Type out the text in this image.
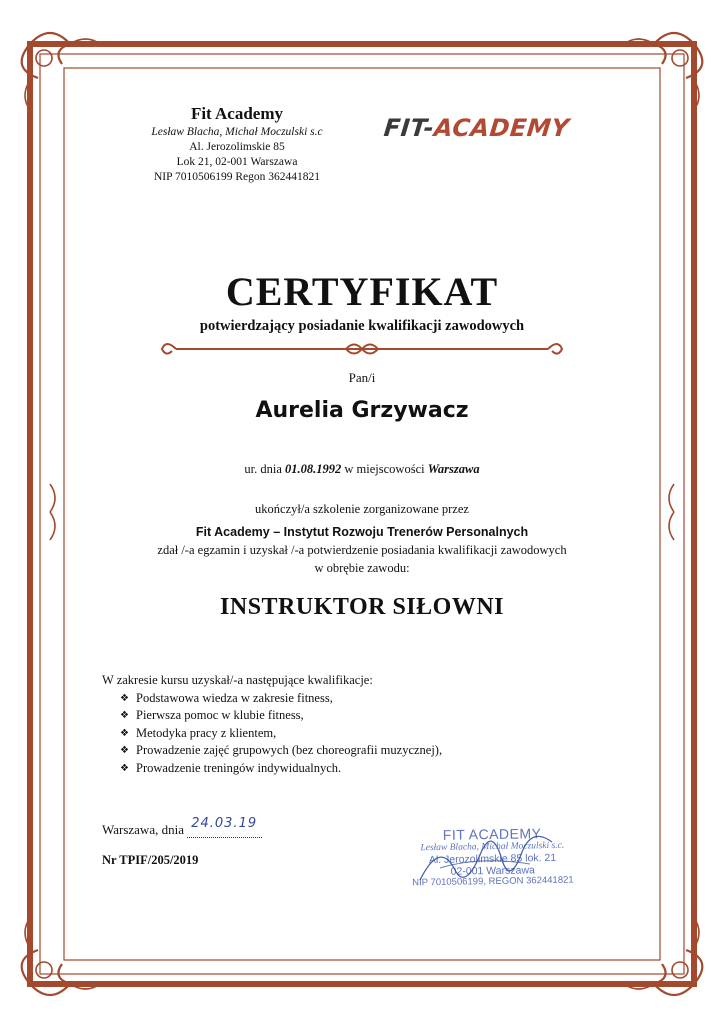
Fit Academy
Lesław Blacha, Michał Moczulski s.c
Al. Jerozolimskie 85
Lok 21, 02-001 Warszawa
NIP 7010506199 Regon 362441821
FIT-ACADEMY
CERTYFIKAT
potwierdzający posiadanie kwalifikacji zawodowych
Pan/i
Aurelia Grzywacz
ur. dnia 01.08.1992 w miejscowości Warszawa
ukończył/a szkolenie zorganizowane przez
Fit Academy – Instytut Rozwoju Trenerów Personalnych
zdał /-a egzamin i uzyskał /-a potwierdzenie posiadania kwalifikacji zawodowych
w obrębie zawodu:
INSTRUKTOR SIŁOWNI
W zakresie kursu uzyskał/-a następujące kwalifikacje:
❖ Podstawowa wiedza w zakresie fitness,
❖ Pierwsza pomoc w klubie fitness,
❖ Metodyka pracy z klientem,
❖ Prowadzenie zajęć grupowych (bez choreografii muzycznej),
❖ Prowadzenie treningów indywidualnych.
Warszawa, dnia 24.03.19
Nr TPIF/205/2019
FIT ACADEMY
Lesław Blacha, Michał Moczulski s.c.
Al. Jerozolimskie 85 lok. 21
02-001 Warszawa
NIP 7010506199, REGON 362441821
